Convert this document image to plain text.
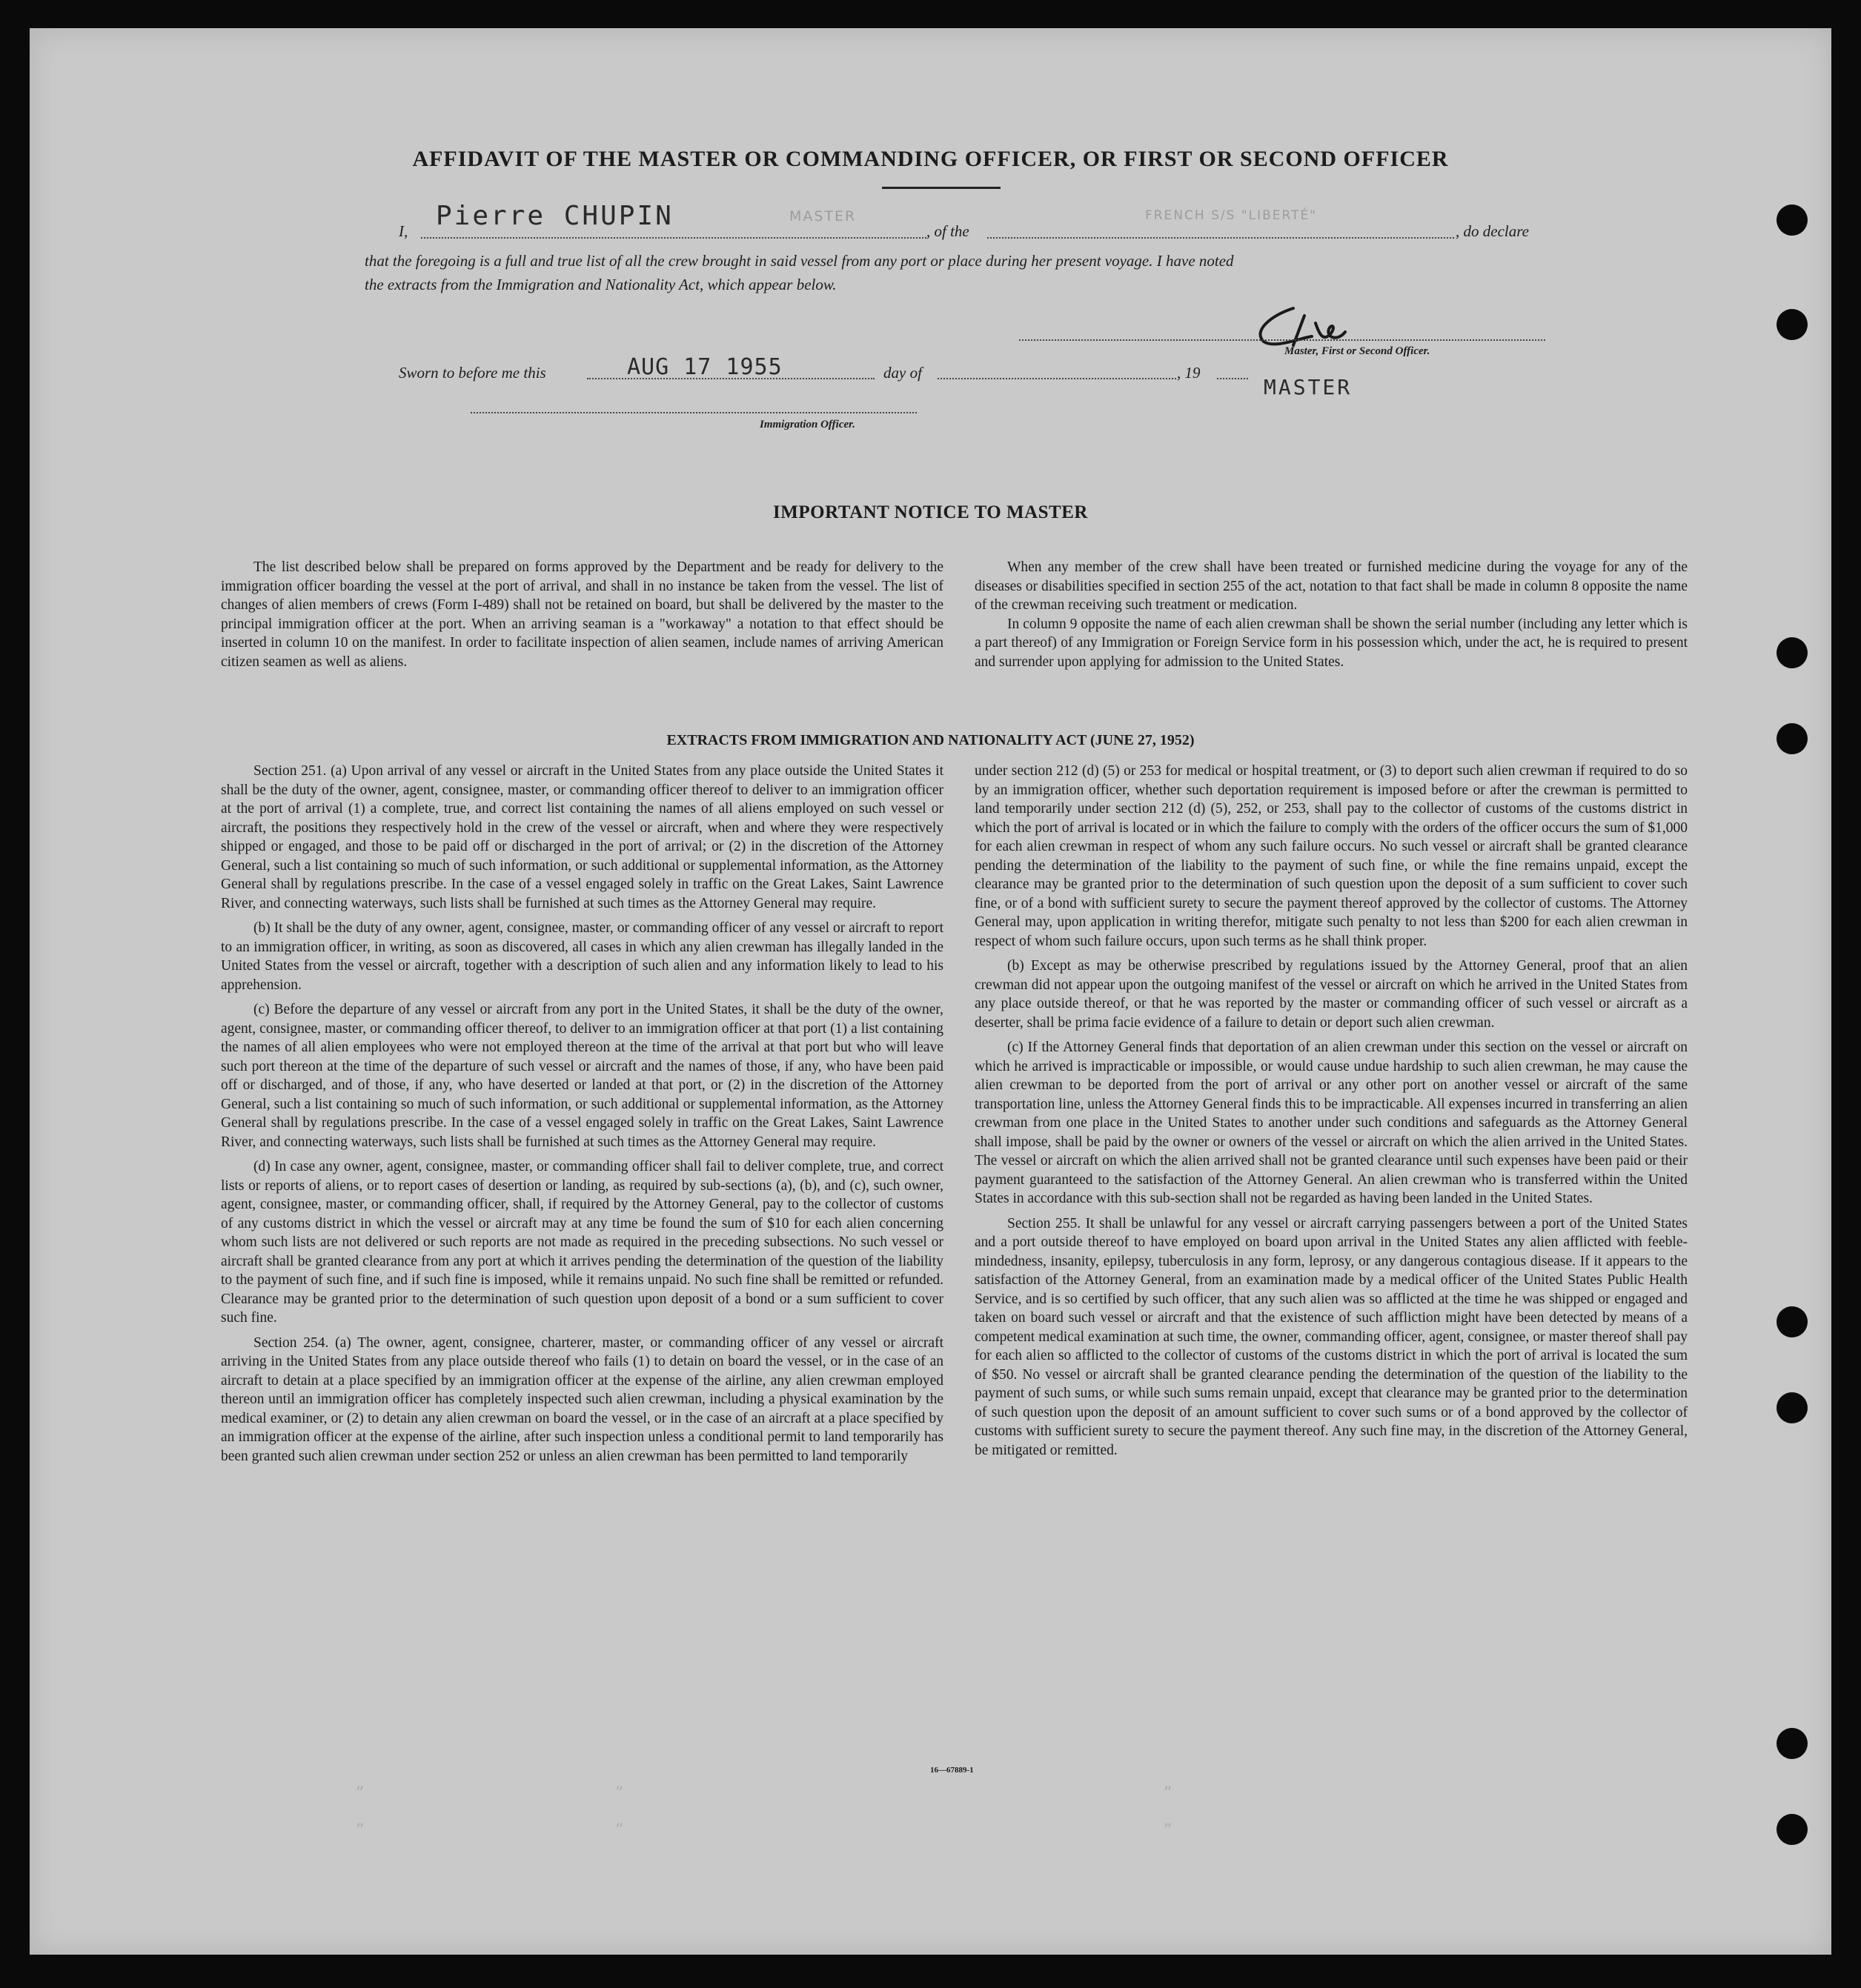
AFFIDAVIT OF THE MASTER OR COMMANDING OFFICER, OR FIRST OR SECOND OFFICER
I, Pierre CHUPIN	MASTER
, of the
FRENCH S/S "LIBERTÉ"
, do declare
that the foregoing is a full and true list of all the crew brought in said vessel from any port or place during her present voyage. I have noted
the extracts from the Immigration and Nationality Act, which appear below.
Master, First or Second Officer.
MASTER
Sworn to before me this	AUG 17 1955	day of	, 19
Immigration Officer.
IMPORTANT NOTICE TO MASTER

The list described below shall be prepared on forms approved by the Department and be ready for delivery to the immigration officer boarding the vessel at the port of arrival, and shall in no instance be taken from the vessel. The list of changes of alien members of crews (Form I-489) shall not be retained on board, but shall be delivered by the master to the principal immigration officer at the port. When an arriving seaman is a "workaway" a notation to that effect should be inserted in column 10 on the manifest. In order to facilitate inspection of alien seamen, include names of arriving American citizen seamen as well as aliens.

When any member of the crew shall have been treated or furnished medicine during the voyage for any of the diseases or disabilities specified in section 255 of the act, notation to that fact shall be made in column 8 opposite the name of the crewman receiving such treatment or medication.

In column 9 opposite the name of each alien crewman shall be shown the serial number (including any letter which is a part thereof) of any Immigration or Foreign Service form in his possession which, under the act, he is required to present and surrender upon applying for admission to the United States.

EXTRACTS FROM IMMIGRATION AND NATIONALITY ACT (JUNE 27, 1952)

Section 251. (a) Upon arrival of any vessel or aircraft in the United States from any place outside the United States it shall be the duty of the owner, agent, consignee, master, or commanding officer thereof to deliver to an immigration officer at the port of arrival (1) a complete, true, and correct list containing the names of all aliens employed on such vessel or aircraft, the positions they respectively hold in the crew of the vessel or aircraft, when and where they were respectively shipped or engaged, and those to be paid off or discharged in the port of arrival; or (2) in the discretion of the Attorney General, such a list containing so much of such information, or such additional or supplemental information, as the Attorney General shall by regulations prescribe. In the case of a vessel engaged solely in traffic on the Great Lakes, Saint Lawrence River, and connecting waterways, such lists shall be furnished at such times as the Attorney General may require.

(b) It shall be the duty of any owner, agent, consignee, master, or commanding officer of any vessel or aircraft to report to an immigration officer, in writing, as soon as discovered, all cases in which any alien crewman has illegally landed in the United States from the vessel or aircraft, together with a description of such alien and any information likely to lead to his apprehension.

(c) Before the departure of any vessel or aircraft from any port in the United States, it shall be the duty of the owner, agent, consignee, master, or commanding officer thereof, to deliver to an immigration officer at that port (1) a list containing the names of all alien employees who were not employed thereon at the time of the arrival at that port but who will leave such port thereon at the time of the departure of such vessel or aircraft and the names of those, if any, who have been paid off or discharged, and of those, if any, who have deserted or landed at that port, or (2) in the discretion of the Attorney General, such a list containing so much of such information, or such additional or supplemental information, as the Attorney General shall by regulations prescribe. In the case of a vessel engaged solely in traffic on the Great Lakes, Saint Lawrence River, and connecting waterways, such lists shall be furnished at such times as the Attorney General may require.

(d) In case any owner, agent, consignee, master, or commanding officer shall fail to deliver complete, true, and correct lists or reports of aliens, or to report cases of desertion or landing, as required by sub-sections (a), (b), and (c), such owner, agent, consignee, master, or commanding officer, shall, if required by the Attorney General, pay to the collector of customs of any customs district in which the vessel or aircraft may at any time be found the sum of $10 for each alien concerning whom such lists are not delivered or such reports are not made as required in the preceding subsections. No such vessel or aircraft shall be granted clearance from any port at which it arrives pending the determination of the question of the liability to the payment of such fine, and if such fine is imposed, while it remains unpaid. No such fine shall be remitted or refunded. Clearance may be granted prior to the determination of such question upon deposit of a bond or a sum sufficient to cover such fine.

Section 254. (a) The owner, agent, consignee, charterer, master, or commanding officer of any vessel or aircraft arriving in the United States from any place outside thereof who fails (1) to detain on board the vessel, or in the case of an aircraft to detain at a place specified by an immigration officer at the expense of the airline, any alien crewman employed thereon until an immigration officer has completely inspected such alien crewman, including a physical examination by the medical examiner, or (2) to detain any alien crewman on board the vessel, or in the case of an aircraft at a place specified by an immigration officer at the expense of the airline, after such inspection unless a conditional permit to land temporarily has been granted such alien crewman under section 252 or unless an alien crewman has been permitted to land temporarily

under section 212 (d) (5) or 253 for medical or hospital treatment, or (3) to deport such alien crewman if required to do so by an immigration officer, whether such deportation requirement is imposed before or after the crewman is permitted to land temporarily under section 212 (d) (5), 252, or 253, shall pay to the collector of customs of the customs district in which the port of arrival is located or in which the failure to comply with the orders of the officer occurs the sum of $1,000 for each alien crewman in respect of whom any such failure occurs. No such vessel or aircraft shall be granted clearance pending the determination of the liability to the payment of such fine, or while the fine remains unpaid, except the clearance may be granted prior to the determination of such question upon the deposit of a sum sufficient to cover such fine, or of a bond with sufficient surety to secure the payment thereof approved by the collector of customs. The Attorney General may, upon application in writing therefor, mitigate such penalty to not less than $200 for each alien crewman in respect of whom such failure occurs, upon such terms as he shall think proper.

(b) Except as may be otherwise prescribed by regulations issued by the Attorney General, proof that an alien crewman did not appear upon the outgoing manifest of the vessel or aircraft on which he arrived in the United States from any place outside thereof, or that he was reported by the master or commanding officer of such vessel or aircraft as a deserter, shall be prima facie evidence of a failure to detain or deport such alien crewman.

(c) If the Attorney General finds that deportation of an alien crewman under this section on the vessel or aircraft on which he arrived is impracticable or impossible, or would cause undue hardship to such alien crewman, he may cause the alien crewman to be deported from the port of arrival or any other port on another vessel or aircraft of the same transportation line, unless the Attorney General finds this to be impracticable. All expenses incurred in transferring an alien crewman from one place in the United States to another under such conditions and safeguards as the Attorney General shall impose, shall be paid by the owner or owners of the vessel or aircraft on which the alien arrived in the United States. The vessel or aircraft on which the alien arrived shall not be granted clearance until such expenses have been paid or their payment guaranteed to the satisfaction of the Attorney General. An alien crewman who is transferred within the United States in accordance with this sub-section shall not be regarded as having been landed in the United States.

Section 255. It shall be unlawful for any vessel or aircraft carrying passengers between a port of the United States and a port outside thereof to have employed on board upon arrival in the United States any alien afflicted with feeble-mindedness, insanity, epilepsy, tuberculosis in any form, leprosy, or any dangerous contagious disease. If it appears to the satisfaction of the Attorney General, from an examination made by a medical officer of the United States Public Health Service, and is so certified by such officer, that any such alien was so afflicted at the time he was shipped or engaged and taken on board such vessel or aircraft and that the existence of such affliction might have been detected by means of a competent medical examination at such time, the owner, commanding officer, agent, consignee, or master thereof shall pay for each alien so afflicted to the collector of customs of the customs district in which the port of arrival is located the sum of $50. No vessel or aircraft shall be granted clearance pending the determination of the question of the liability to the payment of such sums, or while such sums remain unpaid, except that clearance may be granted prior to the determination of such question upon the deposit of an amount sufficient to cover such sums or of a bond approved by the collector of customs with sufficient surety to secure the payment thereof. Any such fine may, in the discretion of the Attorney General, be mitigated or remitted.

16—67889-1
”
”
”
”
”
”
